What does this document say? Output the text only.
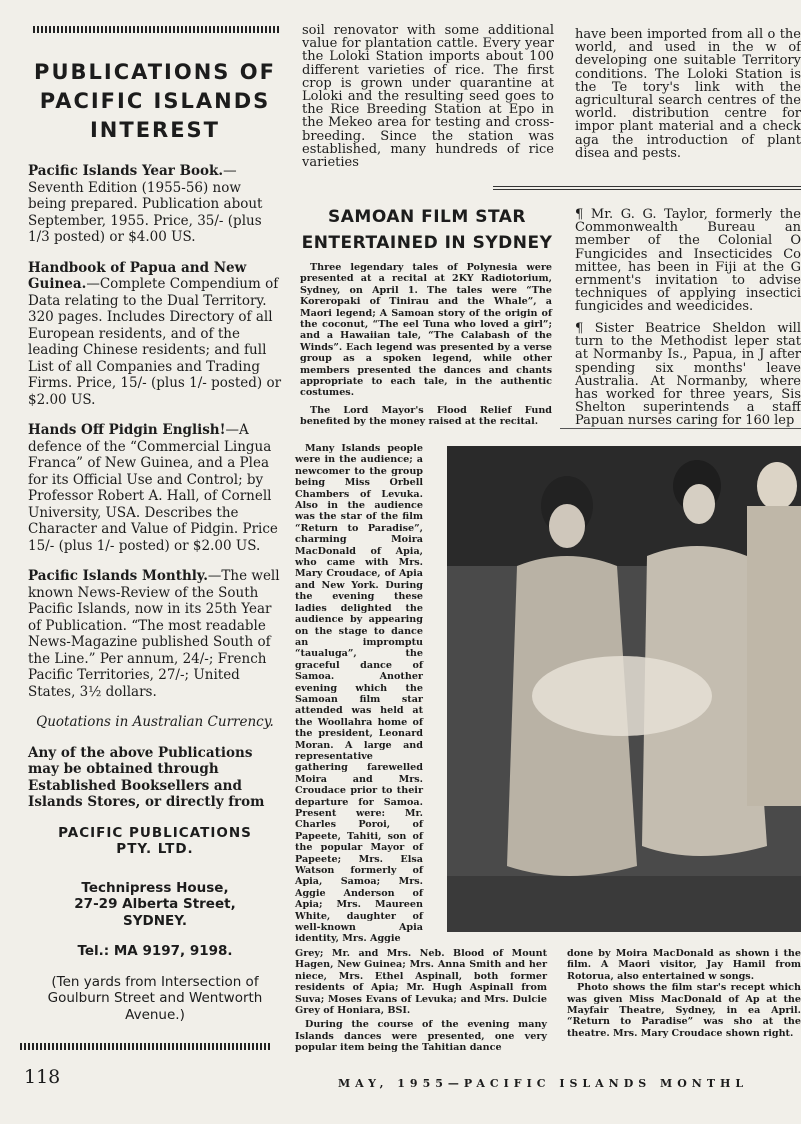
PUBLICATIONS OF
PACIFIC ISLANDS
INTEREST

Pacific Islands Year Book.—Seventh Edition (1955-56) now being prepared. Publication about September, 1955. Price, 35/- (plus 1/3 posted) or $4.00 US.

Handbook of Papua and New Guinea.—Complete Compendium of Data relating to the Dual Territory. 320 pages. Includes Directory of all European residents, and of the leading Chinese residents; and full List of all Companies and Trading Firms. Price, 15/- (plus 1/- posted) or $2.00 US.

Hands Off Pidgin English!—A defence of the “Commercial Lingua Franca” of New Guinea, and a Plea for its Official Use and Control; by Professor Robert A. Hall, of Cornell University, USA. Describes the Character and Value of Pidgin. Price 15/- (plus 1/- posted) or $2.00 US.

Pacific Islands Monthly.—The well known News-Review of the South Pacific Islands, now in its 25th Year of Publication. “The most readable News-Magazine published South of the Line.” Per annum, 24/-; French Pacific Territories, 27/-; United States, 3½ dollars.

Quotations in Australian Currency.

Any of the above Publications may be obtained through Established Booksellers and Islands Stores, or directly from

PACIFIC PUBLICATIONS
PTY. LTD.

Technipress House,
27-29 Alberta Street,
SYDNEY.

Tel.: MA 9197, 9198.

(Ten yards from Intersection of Goulburn Street and Wentworth Avenue.)

soil renovator with some additional value for plantation cattle. Every year the Loloki Station imports about 100 different varieties of rice. The first crop is grown under quarantine at Loloki and the resulting seed goes to the Rice Breeding Station at Epo in the Mekeo area for testing and cross-breeding. Since the station was established, many hundreds of rice varieties

have been imported from all o the world, and used in the w of developing one suitable Territory conditions. The Loloki Station is the Te tory's link with the agricultural search centres of the world. distribution centre for impor plant material and a check aga the introduction of plant disea and pests.

SAMOAN FILM STAR
ENTERTAINED IN SYDNEY

Three legendary tales of Polynesia were presented at a recital at 2KY Radiotorium, Sydney, on April 1. The tales were “The Koreropaki of Tinirau and the Whale”, a Maori legend; A Samoan story of the origin of the coconut, “The eel Tuna who loved a girl”; and a Hawaiian tale, “The Calabash of the Winds”. Each legend was presented by a verse group as a spoken legend, while other members presented the dances and chants appropriate to each tale, in the authentic costumes.

The Lord Mayor's Flood Relief Fund benefited by the money raised at the recital.

Many Islands people were in the audience; a newcomer to the group being Miss Orbell Chambers of Levuka. Also in the audience was the star of the film “Return to Paradise”, charming Moira MacDonald of Apia, who came with Mrs. Mary Croudace, of Apia and New York. During the evening these ladies delighted the audience by appearing on the stage to dance an impromptu “taualuga”, the graceful dance of Samoa. Another evening which the Samoan film star attended was held at the Woollahra home of the president, Leonard Moran. A large and representative gathering farewelled Moira and Mrs. Croudace prior to their departure for Samoa. Present were: Mr. Charles Poroi, of Papeete, Tahiti, son of the popular Mayor of Papeete; Mrs. Elsa Watson formerly of Apia, Samoa; Mrs. Aggie Anderson of Apia; Mrs. Maureen White, daughter of well-known Apia identity, Mrs. Aggie

¶ Mr. G. G. Taylor, formerly the Commonwealth Bureau an member of the Colonial O Fungicides and Insecticides Co mittee, has been in Fiji at the G ernment's invitation to advise techniques of applying insectici fungicides and weedicides.

¶ Sister Beatrice Sheldon will turn to the Methodist leper stat at Normanby Is., Papua, in J after spending six months' leave Australia. At Normanby, where has worked for three years, Sis Shelton superintends a staff Papuan nurses caring for 160 lep

Grey; Mr. and Mrs. Neb. Blood of Mount Hagen, New Guinea; Mrs. Anna Smith and her niece, Mrs. Ethel Aspinall, both former residents of Apia; Mr. Hugh Aspinall from Suva; Moses Evans of Levuka; and Mrs. Dulcie Grey of Honiara, BSI.

During the course of the evening many Islands dances were presented, one very popular item being the Tahitian dance

done by Moira MacDonald as shown i the film. A Maori visitor, Jay Hamil from Rotorua, also entertained w songs.

Photo shows the film star's recept which was given Miss MacDonald of Ap at the Mayfair Theatre, Sydney, in ea April. “Return to Paradise” was sho at the theatre. Mrs. Mary Croudace shown right.

118	MAY, 1955—PACIFIC ISLANDS MONTHL
